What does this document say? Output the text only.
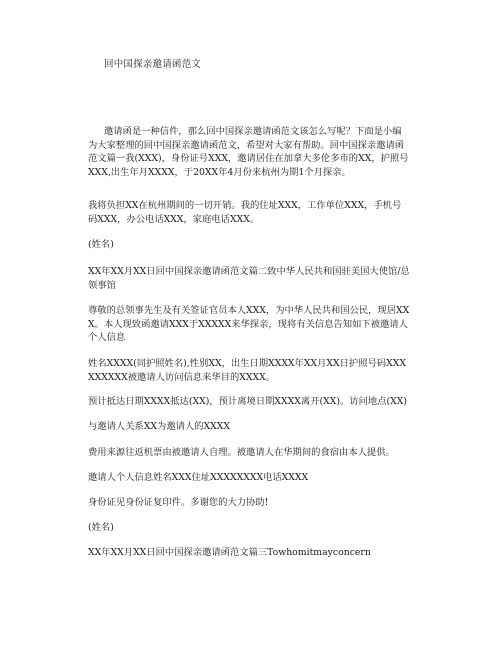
回中国探亲邀请函范文

邀请函是一种信件，那么回中国探亲邀请函范文该怎么写呢？下面是小编为大家整理的回中国探亲邀请函范文，希望对大家有帮助。回中国探亲邀请函范文篇一我(XXX)，身份证号XXX，邀请居住在加拿大多伦多市的XX，护照号XXX,出生年月XXXX，于20XX年4月份来杭州为期1个月探亲。

我将负担XX在杭州期间的一切开销。我的住址XXX，工作单位XXX，手机号码XXX，办公电话XXX，家庭电话XXX。

(姓名)

XX年XX月XX日回中国探亲邀请函范文篇二致中华人民共和国驻美国大使馆/总领事馆

尊敬的总领事先生及有关签证官员本人XXX，为中华人民共和国公民，现居XXX。本人现致函邀请XXX于XXXXX来华探亲，现将有关信息告知如下被邀请人个人信息

姓名XXXX(同护照姓名),性别XX，出生日期XXXX年XX月XX日护照号码XXXXXXXXX被邀请人访问信息来华目的XXXX。

预计抵达日期XXXX抵达(XX)，预计离境日期XXXX离开(XX)。访问地点(XX)

与邀请人关系XX为邀请人的XXXX

费用来源往返机票由被邀请人自理。被邀请人在华期间的食宿由本人提供。

邀请人个人信息姓名XXX住址XXXXXXXX电话XXXX

身份证见身份证复印件。多谢您的大力协助!

(姓名)

XX年XX月XX日回中国探亲邀请函范文篇三Towhomitmayconcern
